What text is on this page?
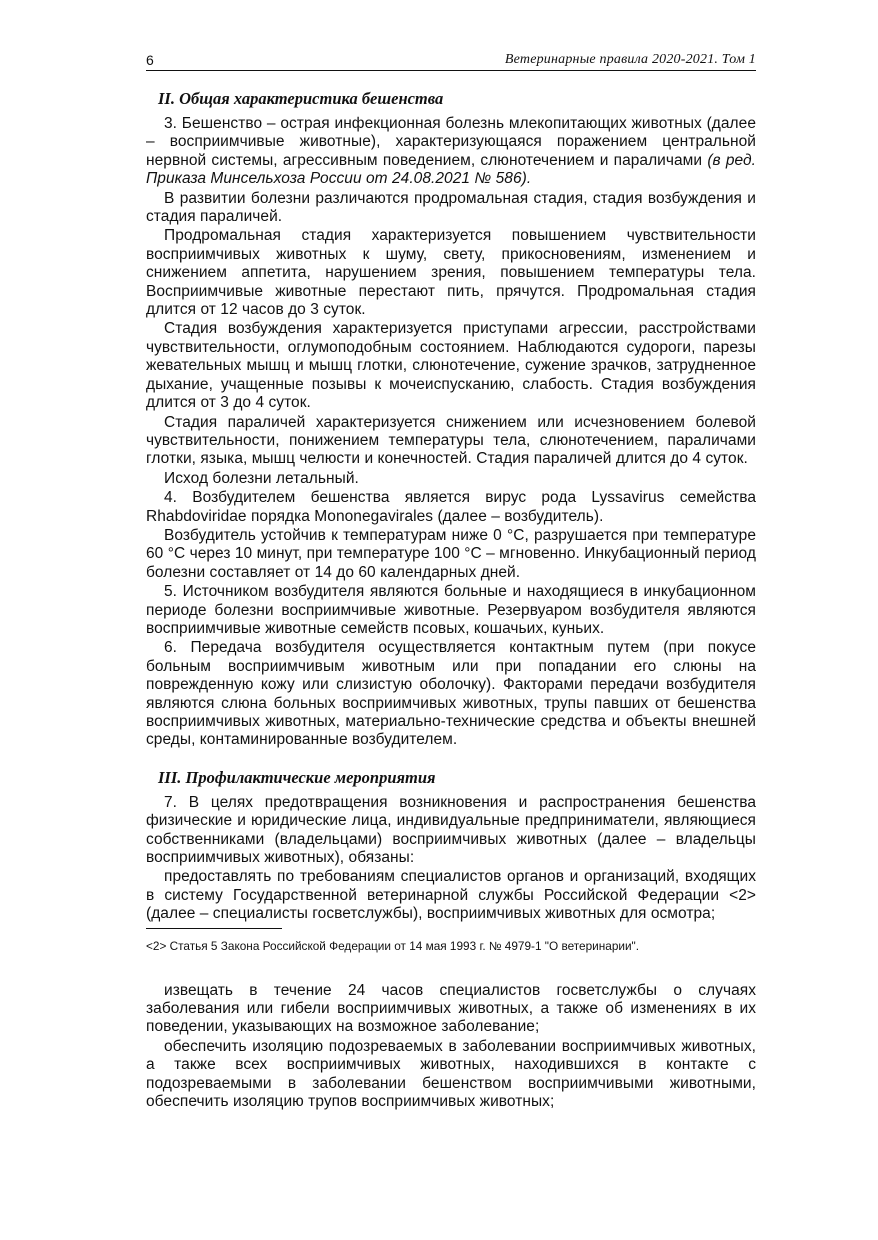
6	Ветеринарные правила 2020-2021. Том 1
II. Общая характеристика бешенства

3. Бешенство – острая инфекционная болезнь млекопитающих животных (далее – восприимчивые животные), характеризующаяся поражением центральной нервной системы, агрессивным поведением, слюнотечением и параличами (в ред. Приказа Минсельхоза России от 24.08.2021 № 586).

В развитии болезни различаются продромальная стадия, стадия возбуждения и стадия параличей.

Продромальная стадия характеризуется повышением чувствительности восприимчивых животных к шуму, свету, прикосновениям, изменением и снижением аппетита, нарушением зрения, повышением температуры тела. Восприимчивые животные перестают пить, прячутся. Продромальная стадия длится от 12 часов до 3 суток.

Стадия возбуждения характеризуется приступами агрессии, расстройствами чувствительности, оглумоподобным состоянием. Наблюдаются судороги, парезы жевательных мышц и мышц глотки, слюнотечение, сужение зрачков, затрудненное дыхание, учащенные позывы к мочеиспусканию, слабость. Стадия возбуждения длится от 3 до 4 суток.

Стадия параличей характеризуется снижением или исчезновением болевой чувствительности, понижением температуры тела, слюнотечением, параличами глотки, языка, мышц челюсти и конечностей. Стадия параличей длится до 4 суток.

Исход болезни летальный.

4. Возбудителем бешенства является вирус рода Lyssavirus семейства Rhabdoviridae порядка Mononegavirales (далее – возбудитель).

Возбудитель устойчив к температурам ниже 0 °С, разрушается при температуре 60 °С через 10 минут, при температуре 100 °С – мгновенно. Инкубационный период болезни составляет от 14 до 60 календарных дней.

5. Источником возбудителя являются больные и находящиеся в инкубационном периоде болезни восприимчивые животные. Резервуаром возбудителя являются восприимчивые животные семейств псовых, кошачьих, куньих.

6. Передача возбудителя осуществляется контактным путем (при покусе больным восприимчивым животным или при попадании его слюны на поврежденную кожу или слизистую оболочку). Факторами передачи возбудителя являются слюна больных восприимчивых животных, трупы павших от бешенства восприимчивых животных, материально-технические средства и объекты внешней среды, контаминированные возбудителем.

III. Профилактические мероприятия

7. В целях предотвращения возникновения и распространения бешенства физические и юридические лица, индивидуальные предприниматели, являющиеся собственниками (владельцами) восприимчивых животных (далее – владельцы восприимчивых животных), обязаны:

предоставлять по требованиям специалистов органов и организаций, входящих в систему Государственной ветеринарной службы Российской Федерации <2> (далее – специалисты госветслужбы), восприимчивых животных для осмотра;

<2> Статья 5 Закона Российской Федерации от 14 мая 1993 г. № 4979-1 "О ветеринарии".

извещать в течение 24 часов специалистов госветслужбы о случаях заболевания или гибели восприимчивых животных, а также об изменениях в их поведении, указывающих на возможное заболевание;

обеспечить изоляцию подозреваемых в заболевании восприимчивых животных, а также всех восприимчивых животных, находившихся в контакте с подозреваемыми в заболевании бешенством восприимчивыми животными, обеспечить изоляцию трупов восприимчивых животных;
